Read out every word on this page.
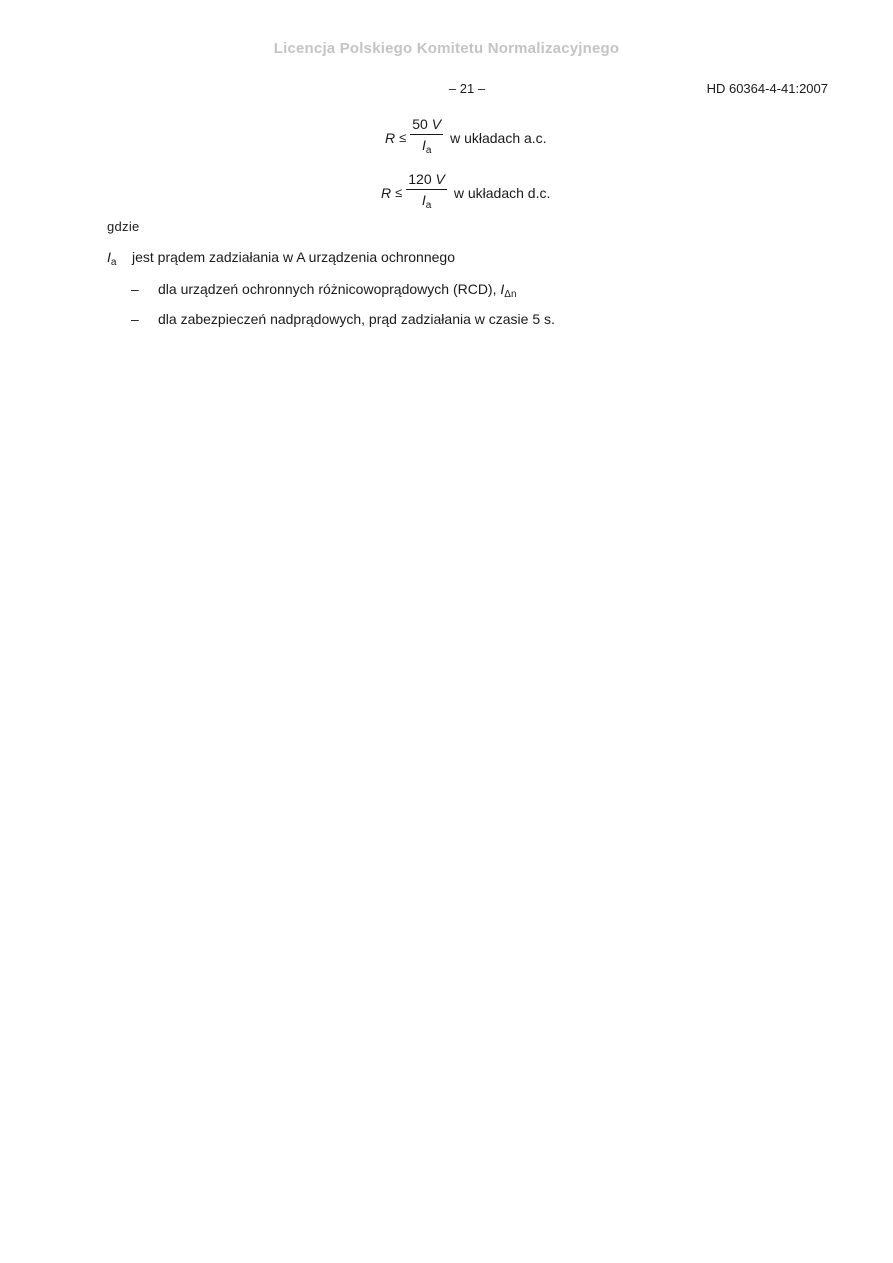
Licencja Polskiego Komitetu Normalizacyjnego
– 21 –	HD 60364-4-41:2007
$R \le \frac{50 V}{I_a}$ w układach a.c.
$R \le \frac{120 V}{I_a}$ w układach d.c.
gdzie
$I_a$ jest prądem zadziałania w A urządzenia ochronnego
– dla urządzeń ochronnych różnicowoprądowych (RCD), $I_{\Delta n}$
– dla zabezpieczeń nadprądowych, prąd zadziałania w czasie 5 s.
